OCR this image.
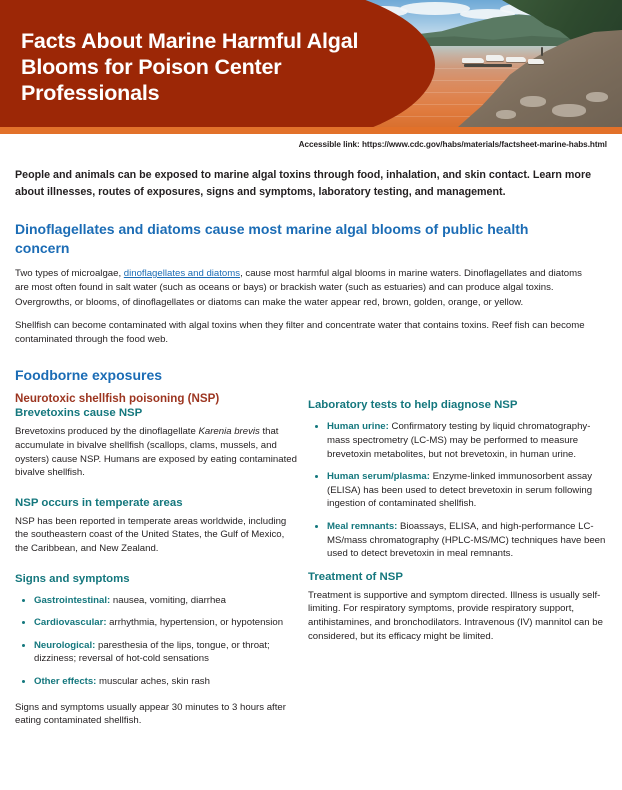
Facts About Marine Harmful Algal Blooms for Poison Center Professionals
Accessible link: https://www.cdc.gov/habs/materials/factsheet-marine-habs.html

People and animals can be exposed to marine algal toxins through food, inhalation, and skin contact. Learn more about illnesses, routes of exposures, signs and symptoms, laboratory testing, and management.

Dinoflagellates and diatoms cause most marine algal blooms of public health concern

Two types of microalgae, dinoflagellates and diatoms, cause most harmful algal blooms in marine waters. Dinoflagellates and diatoms are most often found in salt water (such as oceans or bays) or brackish water (such as estuaries) and can produce algal toxins. Overgrowths, or blooms, of dinoflagellates or diatoms can make the water appear red, brown, golden, orange, or yellow.

Shellfish can become contaminated with algal toxins when they filter and concentrate water that contains toxins. Reef fish can become contaminated through the food web.

Foodborne exposures
Neurotoxic shellfish poisoning (NSP)
Brevetoxins cause NSP

Brevetoxins produced by the dinoflagellate Karenia brevis that accumulate in bivalve shellfish (scallops, clams, mussels, and oysters) cause NSP. Humans are exposed by eating contaminated bivalve shellfish.

NSP occurs in temperate areas

NSP has been reported in temperate areas worldwide, including the southeastern coast of the United States, the Gulf of Mexico, the Caribbean, and New Zealand.

Signs and symptoms
Gastrointestinal: nausea, vomiting, diarrhea
Cardiovascular: arrhythmia, hypertension, or hypotension
Neurological: paresthesia of the lips, tongue, or throat; dizziness; reversal of hot-cold sensations
Other effects: muscular aches, skin rash

Signs and symptoms usually appear 30 minutes to 3 hours after eating contaminated shellfish.

Laboratory tests to help diagnose NSP
Human urine: Confirmatory testing by liquid chromatography-mass spectrometry (LC-MS) may be performed to measure brevetoxin metabolites, but not brevetoxin, in human urine.
Human serum/plasma: Enzyme-linked immunosorbent assay (ELISA) has been used to detect brevetoxin in serum following ingestion of contaminated shellfish.
Meal remnants: Bioassays, ELISA, and high-performance LC-MS/mass chromatography (HPLC-MS/MC) techniques have been used to detect brevetoxin in meal remnants.
Treatment of NSP

Treatment is supportive and symptom directed. Illness is usually self-limiting. For respiratory symptoms, provide respiratory support, antihistamines, and bronchodilators. Intravenous (IV) mannitol can be considered, but its efficacy might be limited.
